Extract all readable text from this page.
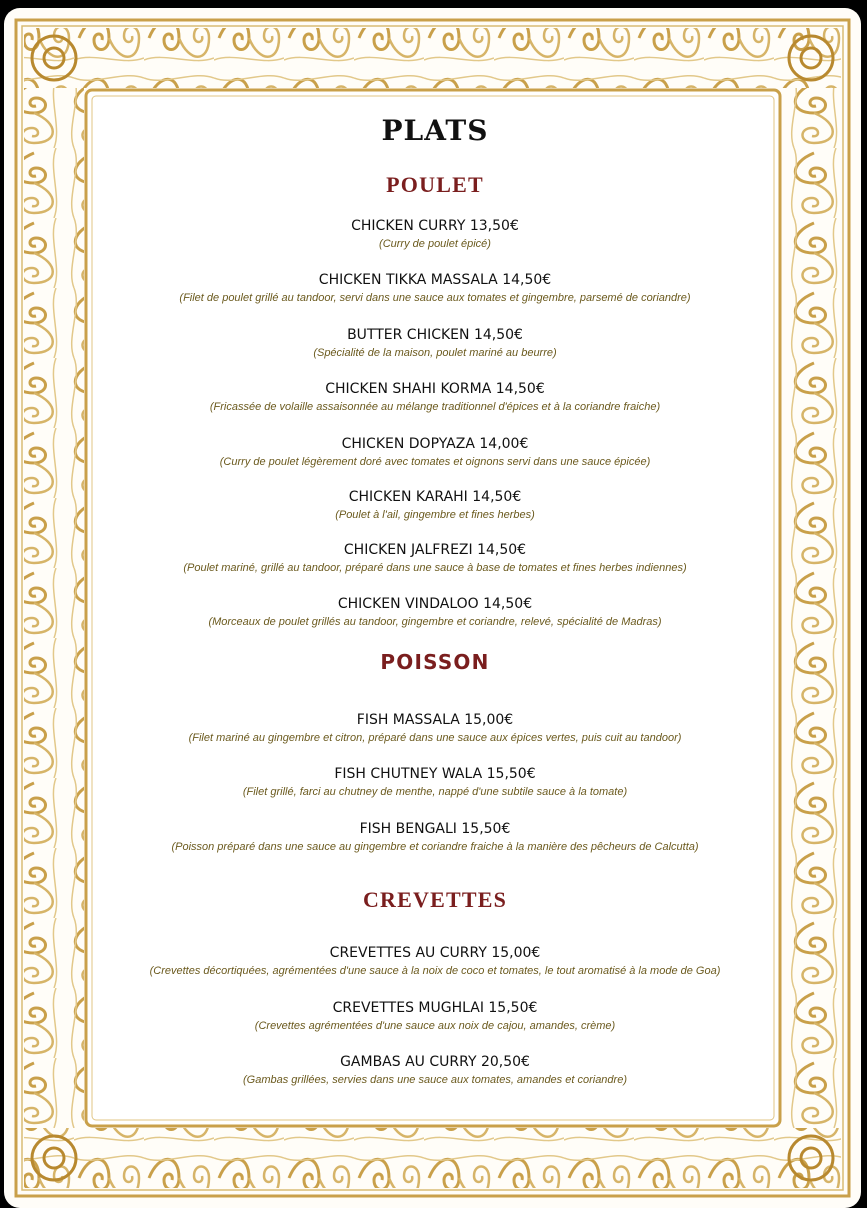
PLATS
POULET
CHICKEN CURRY 13,50€
(Curry de poulet épicé)
CHICKEN TIKKA MASSALA 14,50€
(Filet de poulet grillé au tandoor, servi dans une sauce aux tomates et gingembre, parsemé de coriandre)
BUTTER CHICKEN 14,50€
(Spécialité de la maison, poulet mariné au beurre)
CHICKEN SHAHI KORMA 14,50€
(Fricassée de volaille assaisonnée au mélange traditionnel d'épices et à la coriandre fraiche)
CHICKEN DOPYAZA 14,00€
(Curry de poulet légèrement doré avec tomates et oignons servi dans une sauce épicée)
CHICKEN KARAHI 14,50€
(Poulet à l'ail, gingembre et fines herbes)
CHICKEN JALFREZI 14,50€
(Poulet mariné, grillé au tandoor, préparé dans une sauce à base de tomates et fines herbes indiennes)
CHICKEN VINDALOO 14,50€
(Morceaux de poulet grillés au tandoor, gingembre et coriandre, relevé, spécialité de Madras)
POISSON
FISH MASSALA 15,00€
(Filet mariné au gingembre et citron, préparé dans une sauce aux épices vertes, puis cuit au tandoor)
FISH CHUTNEY WALA 15,50€
(Filet grillé, farci au chutney de menthe, nappé d'une subtile sauce à la tomate)
FISH BENGALI 15,50€
(Poisson préparé dans une sauce au gingembre et coriandre fraiche à la manière des pêcheurs de Calcutta)
CREVETTES
CREVETTES AU CURRY 15,00€
(Crevettes décortiquées, agrémentées d'une sauce à la noix de coco et tomates, le tout aromatisé à la mode de Goa)
CREVETTES MUGHLAI 15,50€
(Crevettes agrémentées d'une sauce aux noix de cajou, amandes, crème)
GAMBAS AU CURRY 20,50€
(Gambas grillées, servies dans une sauce aux tomates, amandes et coriandre)
